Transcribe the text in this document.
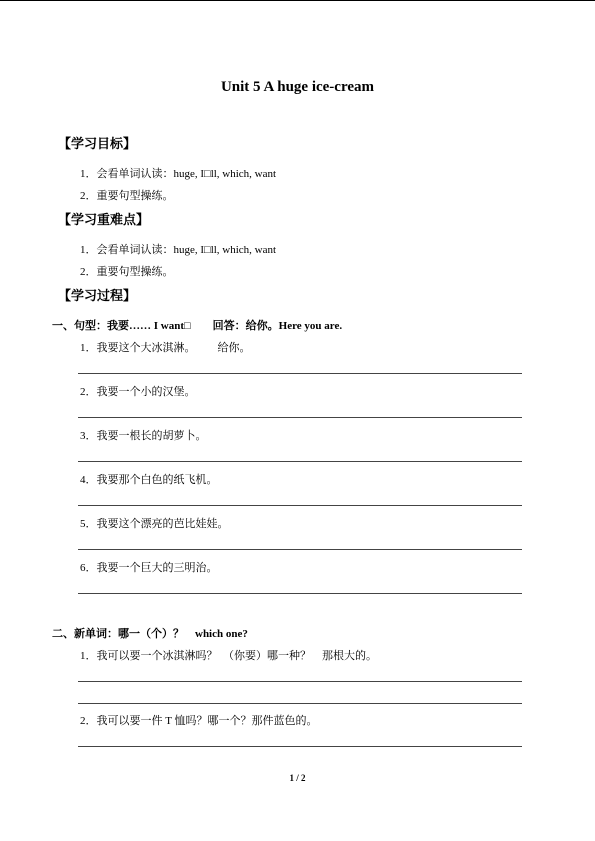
Unit 5 A huge ice-cream
【学习目标】
1．会看单词认读：huge, I□ll, which, want
2．重要句型操练。
【学习重难点】
1．会看单词认读：huge, I□ll, which, want
2．重要句型操练。
【学习过程】
一、句型：我要…… I want□　　回答：给你。Here you are.
1．我要这个大冰淇淋。 给你。
2．我要一个小的汉堡。
3．我要一根长的胡萝卜。
4．我要那个白色的纸飞机。
5．我要这个漂亮的芭比娃娃。
6．我要一个巨大的三明治。
二、新单词：哪一（个）？　which one?
1．我可以要一个冰淇淋吗？　（你要）哪一种？　那根大的。
2．我可以要一件 T 恤吗？哪一个？那件蓝色的。
1 / 2
